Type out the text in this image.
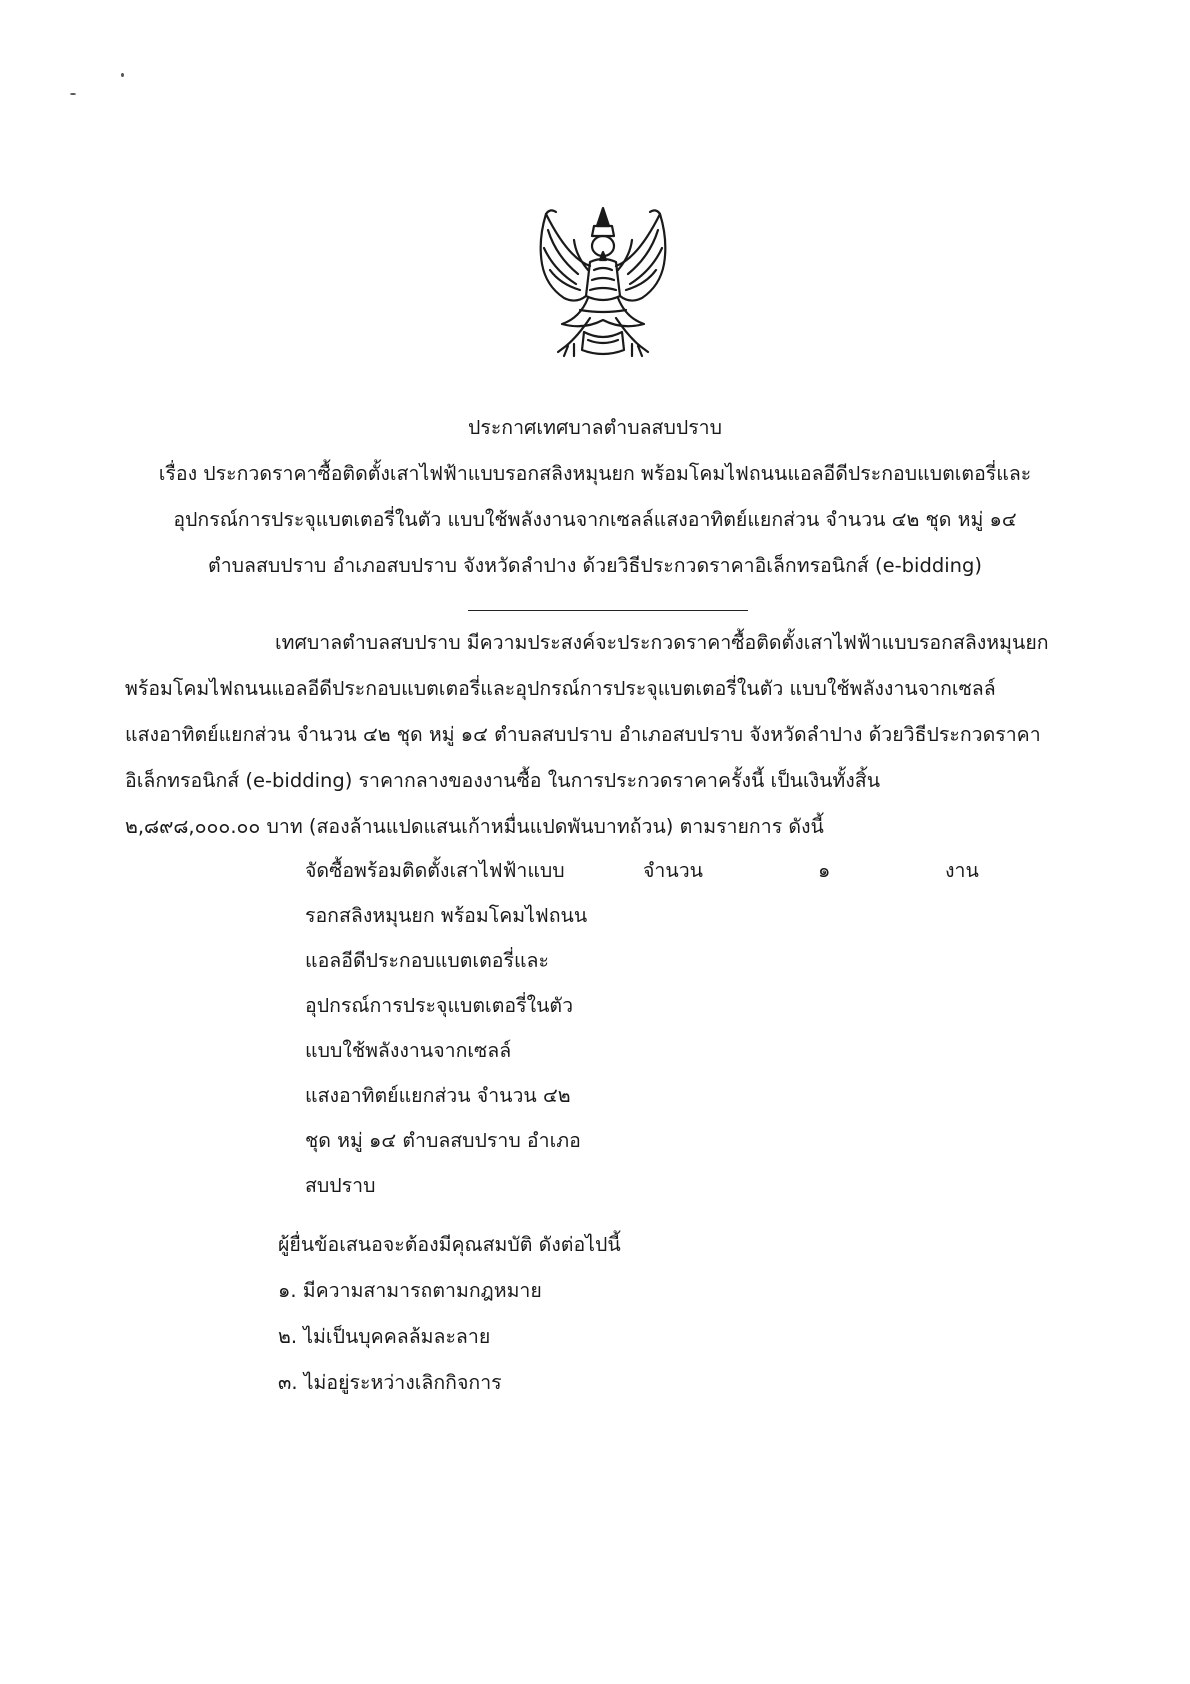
ประกาศเทศบาลตำบลสบปราบ
เรื่อง ประกวดราคาซื้อติดตั้งเสาไฟฟ้าแบบรอกสลิงหมุนยก พร้อมโคมไฟถนนแอลอีดีประกอบแบตเตอรี่และ
อุปกรณ์การประจุแบตเตอรี่ในตัว แบบใช้พลังงานจากเซลล์แสงอาทิตย์แยกส่วน จำนวน ๔๒ ชุด หมู่ ๑๔
ตำบลสบปราบ อำเภอสบปราบ จังหวัดลำปาง ด้วยวิธีประกวดราคาอิเล็กทรอนิกส์ (e-bidding)
เทศบาลตำบลสบปราบ มีความประสงค์จะประกวดราคาซื้อติดตั้งเสาไฟฟ้าแบบรอกสลิงหมุนยก
พร้อมโคมไฟถนนแอลอีดีประกอบแบตเตอรี่และอุปกรณ์การประจุแบตเตอรี่ในตัว แบบใช้พลังงานจากเซลล์
แสงอาทิตย์แยกส่วน จำนวน ๔๒ ชุด หมู่ ๑๔ ตำบลสบปราบ อำเภอสบปราบ จังหวัดลำปาง ด้วยวิธีประกวดราคา
อิเล็กทรอนิกส์ (e-bidding) ราคากลางของงานซื้อ ในการประกวดราคาครั้งนี้ เป็นเงินทั้งสิ้น
๒,๘๙๘,๐๐๐.๐๐ บาท (สองล้านแปดแสนเก้าหมื่นแปดพันบาทถ้วน) ตามรายการ ดังนี้
จัดซื้อพร้อมติดตั้งเสาไฟฟ้าแบบ	จำนวน	๑	งาน
รอกสลิงหมุนยก พร้อมโคมไฟถนน
แอลอีดีประกอบแบตเตอรี่และ
อุปกรณ์การประจุแบตเตอรี่ในตัว
แบบใช้พลังงานจากเซลล์
แสงอาทิตย์แยกส่วน จำนวน ๔๒
ชุด หมู่ ๑๔ ตำบลสบปราบ อำเภอ
สบปราบ
ผู้ยื่นข้อเสนอจะต้องมีคุณสมบัติ ดังต่อไปนี้
๑. มีความสามารถตามกฎหมาย
๒. ไม่เป็นบุคคลล้มละลาย
๓. ไม่อยู่ระหว่างเลิกกิจการ
